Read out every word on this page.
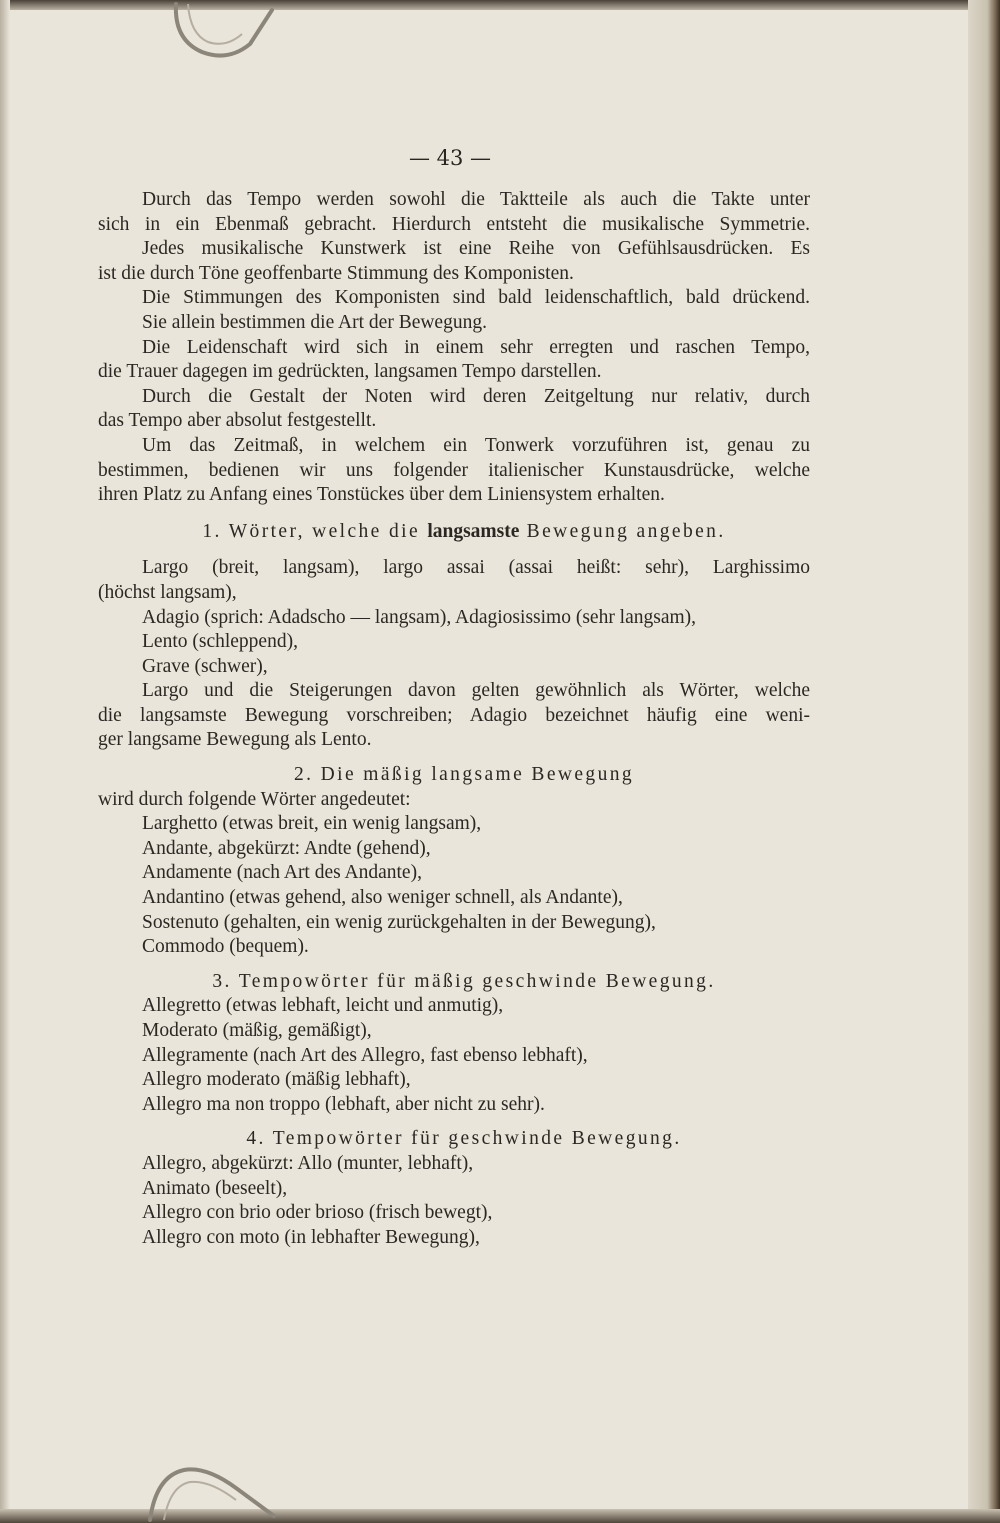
— 43 —
Durch das Tempo werden sowohl die Taktteile als auch die Takte unter
sich in ein Ebenmaß gebracht. Hierdurch entsteht die musikalische Symmetrie.
Jedes musikalische Kunstwerk ist eine Reihe von Gefühlsausdrücken. Es
ist die durch Töne geoffenbarte Stimmung des Komponisten.
Die Stimmungen des Komponisten sind bald leidenschaftlich, bald drückend.
Sie allein bestimmen die Art der Bewegung.
Die Leidenschaft wird sich in einem sehr erregten und raschen Tempo,
die Trauer dagegen im gedrückten, langsamen Tempo darstellen.
Durch die Gestalt der Noten wird deren Zeitgeltung nur relativ, durch
das Tempo aber absolut festgestellt.
Um das Zeitmaß, in welchem ein Tonwerk vorzuführen ist, genau zu
bestimmen, bedienen wir uns folgender italienischer Kunstausdrücke, welche
ihren Platz zu Anfang eines Tonstückes über dem Liniensystem erhalten.
1. Wörter, welche die langsamste Bewegung angeben.
Largo (breit, langsam), largo assai (assai heißt: sehr), Larghissimo
(höchst langsam),
Adagio (sprich: Adadscho — langsam), Adagiosissimo (sehr langsam),
Lento (schleppend),
Grave (schwer),
Largo und die Steigerungen davon gelten gewöhnlich als Wörter, welche
die langsamste Bewegung vorschreiben; Adagio bezeichnet häufig eine weni-
ger langsame Bewegung als Lento.
2. Die mäßig langsame Bewegung
wird durch folgende Wörter angedeutet:
Larghetto (etwas breit, ein wenig langsam),
Andante, abgekürzt: Andte (gehend),
Andamente (nach Art des Andante),
Andantino (etwas gehend, also weniger schnell, als Andante),
Sostenuto (gehalten, ein wenig zurückgehalten in der Bewegung),
Commodo (bequem).
3. Tempowörter für mäßig geschwinde Bewegung.
Allegretto (etwas lebhaft, leicht und anmutig),
Moderato (mäßig, gemäßigt),
Allegramente (nach Art des Allegro, fast ebenso lebhaft),
Allegro moderato (mäßig lebhaft),
Allegro ma non troppo (lebhaft, aber nicht zu sehr).
4. Tempowörter für geschwinde Bewegung.
Allegro, abgekürzt: Allo (munter, lebhaft),
Animato (beseelt),
Allegro con brio oder brioso (frisch bewegt),
Allegro con moto (in lebhafter Bewegung),
